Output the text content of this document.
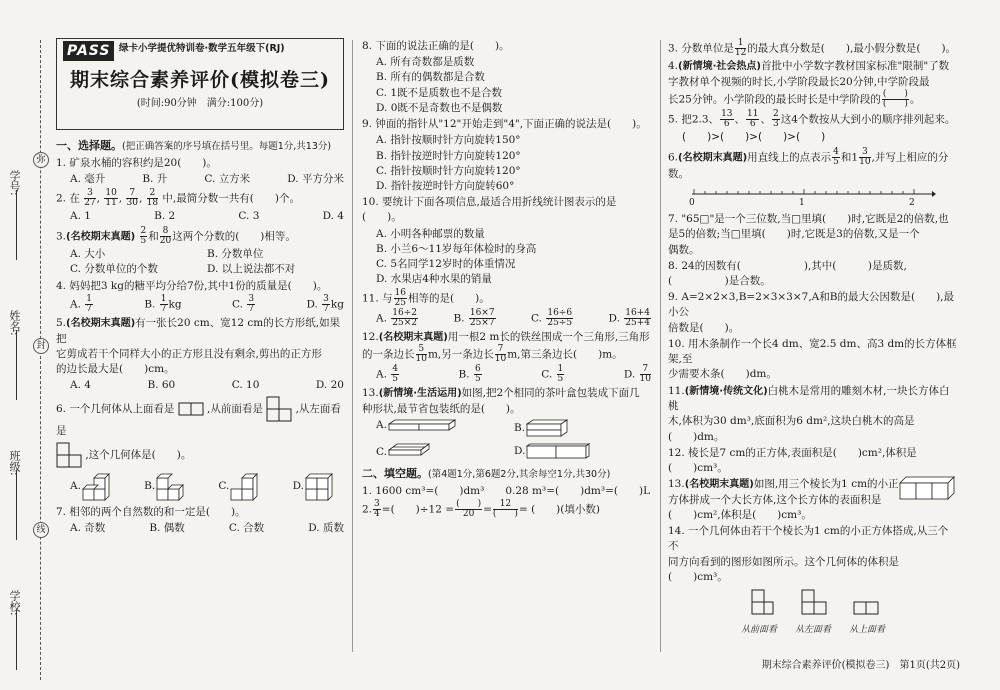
学号:
姓名:
班级:
学校:
弥
封
线
PASS 绿卡小学提优特训卷·数学五年级下(RJ)
期末综合素养评价(模拟卷三)
(时间:90分钟　满分:100分)
一、选择题。(把正确答案的序号填在括号里。每题1分,共13分)
1. 矿泉水桶的容积约是20(　　)。
A. 毫升	B. 升	C. 立方米	D. 平方分米
2. 在 $\frac{3}{27}$ , $\frac{10}{11}$ , $\frac{7}{30}$ , $\frac{2}{18}$ 中,最简分数一共有(　　)个。
A. 1	B. 2	C. 3	D. 4
3.(名校期末真题) $\frac{2}{5}$ 和 $\frac{8}{20}$ 这两个分数的(　　)相等。
A. 大小	B. 分数单位
C. 分数单位的个数	D. 以上说法都不对
4. 妈妈把3 kg的糖平均分给7份,其中1份的质量是(　　)。
A. $\frac{1}{7}$	B. $\frac{1}{7}$ kg	C. $\frac{3}{7}$	D. $\frac{3}{7}$ kg
5.(名校期末真题)有一张长20 cm、宽12 cm的长方形纸,如果把
它剪成若干个同样大小的正方形且没有剩余,剪出的正方形
的边长最大是(　　)cm。
A. 4	B. 60	C. 10	D. 20
6. 一个几何体从上面看是	,从前面看是	,从左面看是
,这个几何体是(　　)。
A.	B.	C.	D.
7. 相邻的两个自然数的和一定是(　　)。
A. 奇数	B. 偶数	C. 合数	D. 质数
8. 下面的说法正确的是(　　)。
A. 所有奇数都是质数
B. 所有的偶数都是合数
C. 1既不是质数也不是合数
D. 0既不是奇数也不是偶数
9. 钟面的指针从"12"开始走到"4",下面正确的说法是(　　)。
A. 指针按顺时针方向旋转150°
B. 指针按逆时针方向旋转120°
C. 指针按顺时针方向旋转120°
D. 指针按逆时针方向旋转60°
10. 要统计下面各项信息,最适合用折线统计图表示的是(　　)。
A. 小明各种邮票的数量
B. 小兰6～11岁每年体检时的身高
C. 5名同学12岁时的体重情况
D. 水果店4种水果的销量
11. 与 $\frac{16}{25}$ 相等的是(　　)。
A. $\frac{16\div 2}{25\times 2}$	B. $\frac{16\times 7}{25\times 7}$	C. $\frac{16\div 6}{25\div 5}$	D. $\frac{16+4}{25+4}$
12.(名校期末真题)用一根2 m长的铁丝围成一个三角形,三角形
的一条边长 $\frac{5}{10} m$,另一条边长 $\frac{7}{10} m$,第三条边长(　　)m。
A. $\frac{4}{5}$	B. $\frac{6}{5}$	C. $\frac{1}{5}$	D. $\frac{7}{10}$
13.(新情境·生活运用)如图,把2个相同的茶叶盒包装成下面几
种形状,最节省包装纸的是(　　)。
A.	B.
C.	D.
二、填空题。(第4题1分,第6题2分,其余每空1分,共30分)
1. 1600 cm³=(　　)dm³　　0.28 m³=(　　)dm³=(　　)L
2. $\frac{3}{4}$ =(　　)$\div 12 = \frac{( )}{20} = \frac{12}{( )}$ = (　　)(填小数)
3. 分数单位是 $\frac{1}{12}$ 的最大真分数是(　　),最小假分数是(　　)。
4.(新情境·社会热点)首批中小学数字教材国家标准"限制"了数
字教材单个视频的时长,小学阶段最长20分钟,中学阶段最
长25分钟。小学阶段的最长时长是中学阶段的 $\frac{( )}{( )}$ 。
5. 把2.3、 $\frac{13}{6}$ 、 $\frac{11}{6}$ 、 $\frac{2}{3}$ 这4个数按从大到小的顺序排列起来。
(　　)>(　　)>(　　)>(　　)
6.(名校期末真题)用直线上的点表示 $\frac{4}{5}$ 和$1 \frac{3}{10}$ ,并写上相应的分数。
0	1	2
7. "65□"是一个三位数,当□里填(　　)时,它既是2的倍数,也
是5的倍数;当□里填(　　)时,它既是3的倍数,又是一个
偶数。
8. 24的因数有(　　　　　　),其中(　　　)是质数,
(　　　　　)是合数。
9. A=2×2×3,B=2×3×3×7,A和B的最大公因数是(　　),最小公
倍数是(　　)。
10. 用木条制作一个长4 dm、宽2.5 dm、高3 dm的长方体框架,至
少需要木条(　　)dm。
11.(新情境·传统文化)白桃木是常用的雕刻木材,一块长方体白桃
木,体积为30 dm³,底面积为6 dm²,这块白桃木的高是(　　)dm。
12. 棱长是7 cm的正方体,表面积是(　　)cm²,体积是(　　)cm³。
13.(名校期末真题)如图,用三个棱长为1 cm的小正
方体拼成一个大长方体,这个长方体的表面积是
(　　)cm²,体积是(　　)cm³。
14. 一个几何体由若干个棱长为1 cm的小正方体搭成,从三个不
同方向看到的图形如图所示。这个几何体的体积是(　　)cm³。
从前面看 从左面看 从上面看
期末综合素养评价(模拟卷三)　第1页(共2页)
